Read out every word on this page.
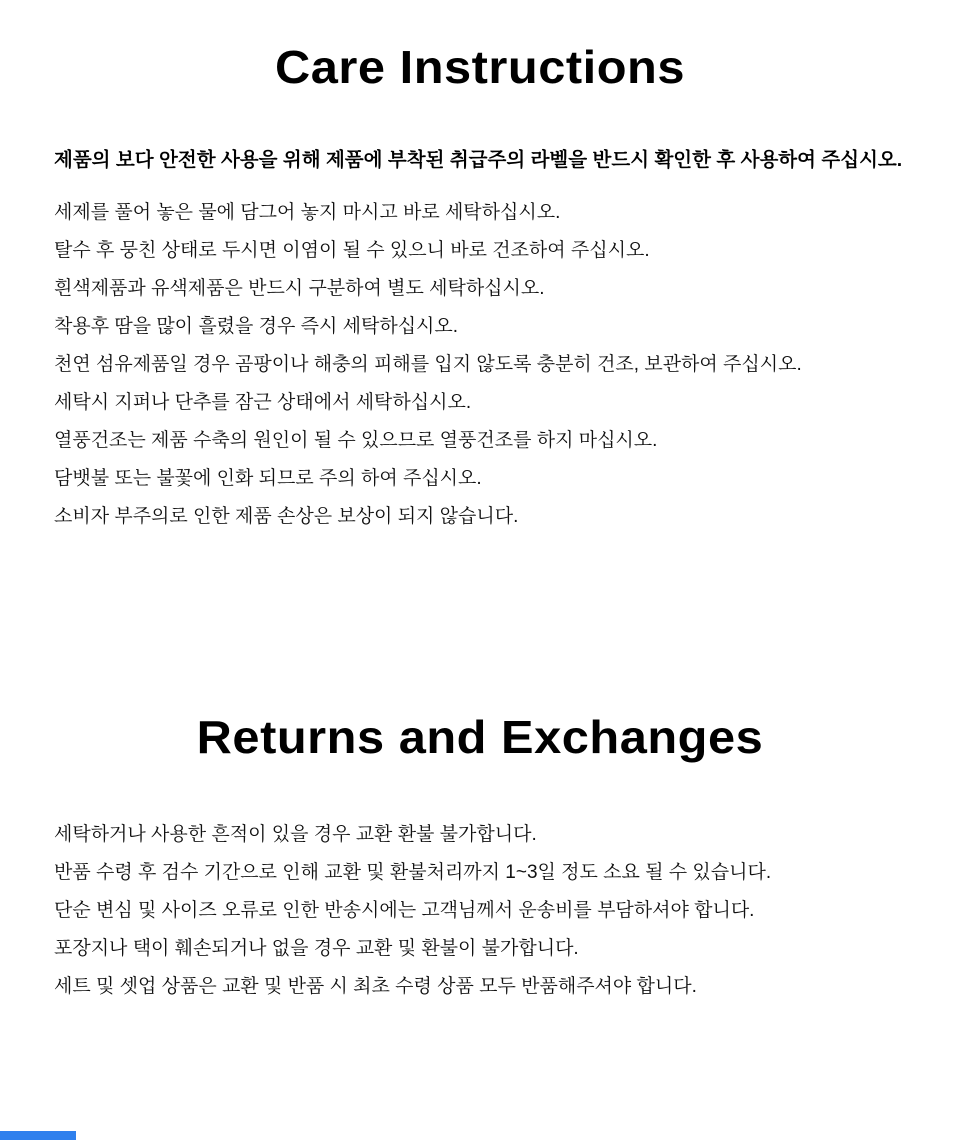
Care Instructions

제품의 보다 안전한 사용을 위해 제품에 부착된 취급주의 라벨을 반드시 확인한 후 사용하여 주십시오.

세제를 풀어 놓은 물에 담그어 놓지 마시고 바로 세탁하십시오.
탈수 후 뭉친 상태로 두시면 이염이 될 수 있으니 바로 건조하여 주십시오.
흰색제품과 유색제품은 반드시 구분하여 별도 세탁하십시오.
착용후 땀을 많이 흘렸을 경우 즉시 세탁하십시오.
천연 섬유제품일 경우 곰팡이나 해충의 피해를 입지 않도록 충분히 건조, 보관하여 주십시오.
세탁시 지퍼나 단추를 잠근 상태에서 세탁하십시오.
열풍건조는 제품 수축의 원인이 될 수 있으므로 열풍건조를 하지 마십시오.
담뱃불 또는 불꽃에 인화 되므로 주의 하여 주십시오.
소비자 부주의로 인한 제품 손상은 보상이 되지 않습니다.
Returns and Exchanges
세탁하거나 사용한 흔적이 있을 경우 교환 환불 불가합니다.
반품 수령 후 검수 기간으로 인해 교환 및 환불처리까지 1~3일 정도 소요 될 수 있습니다.
단순 변심 및 사이즈 오류로 인한 반송시에는 고객님께서 운송비를 부담하셔야 합니다.
포장지나 택이 훼손되거나 없을 경우 교환 및 환불이 불가합니다.
세트 및 셋업 상품은 교환 및 반품 시 최초 수령 상품 모두 반품해주셔야 합니다.
